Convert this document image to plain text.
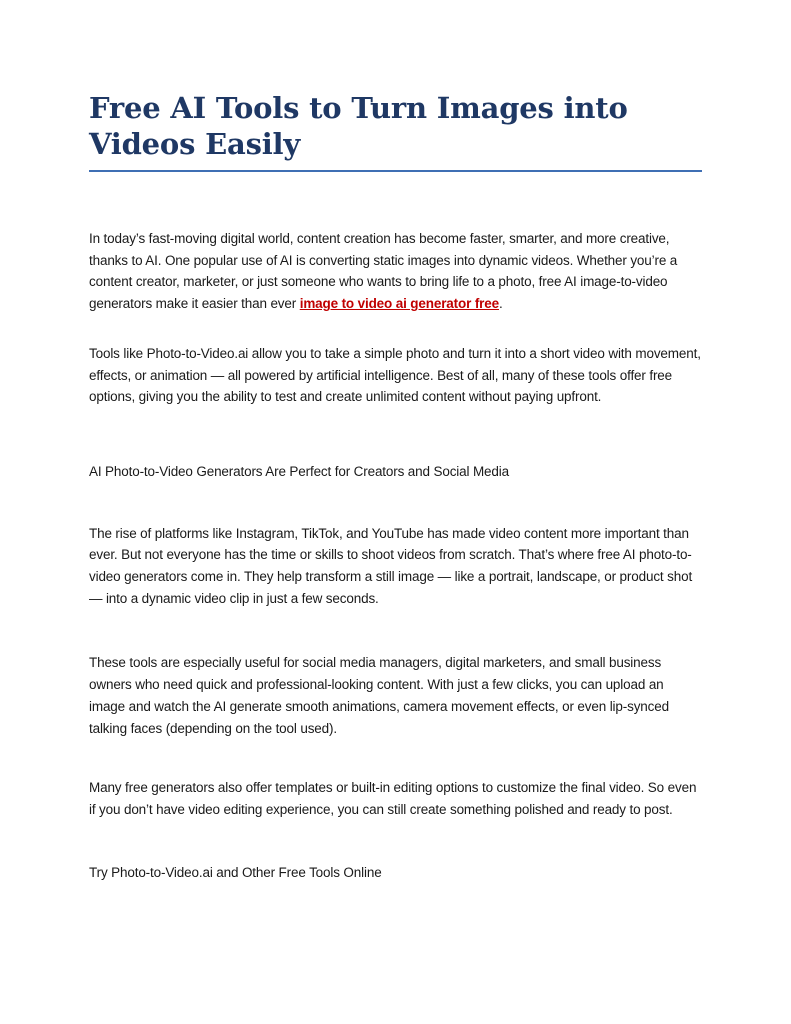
Free AI Tools to Turn Images into Videos Easily

In today’s fast-moving digital world, content creation has become faster, smarter, and more creative, thanks to AI. One popular use of AI is converting static images into dynamic videos. Whether you’re a content creator, marketer, or just someone who wants to bring life to a photo, free AI image-to-video generators make it easier than ever image to video ai generator free.

Tools like Photo-to-Video.ai allow you to take a simple photo and turn it into a short video with movement, effects, or animation — all powered by artificial intelligence. Best of all, many of these tools offer free options, giving you the ability to test and create unlimited content without paying upfront.

AI Photo-to-Video Generators Are Perfect for Creators and Social Media

The rise of platforms like Instagram, TikTok, and YouTube has made video content more important than ever. But not everyone has the time or skills to shoot videos from scratch. That’s where free AI photo-to-video generators come in. They help transform a still image — like a portrait, landscape, or product shot — into a dynamic video clip in just a few seconds.

These tools are especially useful for social media managers, digital marketers, and small business owners who need quick and professional-looking content. With just a few clicks, you can upload an image and watch the AI generate smooth animations, camera movement effects, or even lip-synced talking faces (depending on the tool used).

Many free generators also offer templates or built-in editing options to customize the final video. So even if you don’t have video editing experience, you can still create something polished and ready to post.

Try Photo-to-Video.ai and Other Free Tools Online
